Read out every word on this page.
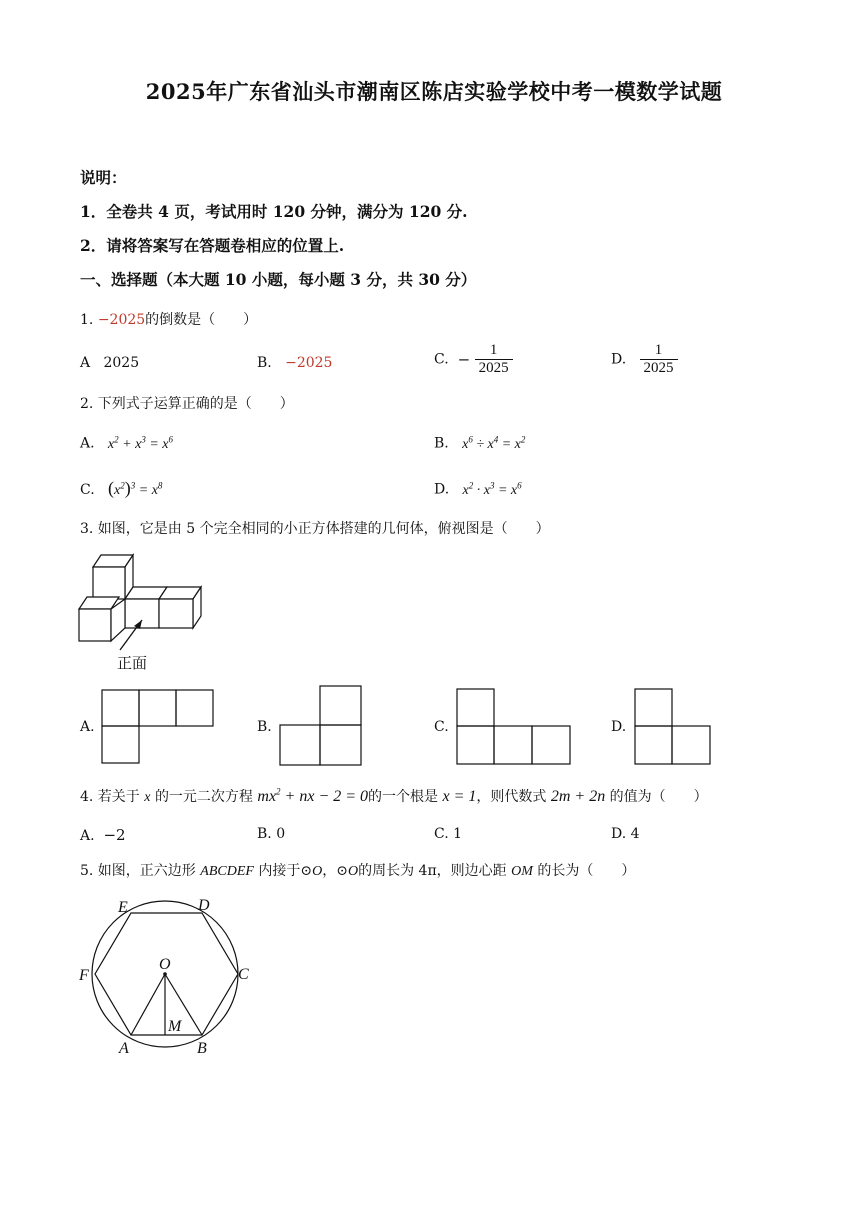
2025年广东省汕头市潮南区陈店实验学校中考一模数学试题
说明：
1．全卷共 4 页，考试用时 120 分钟，满分为 120 分.
2．请将答案写在答题卷相应的位置上.
一、选择题（本大题 10 小题，每小题 3 分，共 30 分）
1. −2025的倒数是（　　）
A 2025	B. −2025	C. − $\frac{1}{2025}$	D. $\frac{1}{2025}$
2. 下列式子运算正确的是（　　）
A. $x^2 + x^3 = x^6$	B. $x^6 \div x^4 = x^2$
C. $(x^2)^3 = x^8$	D. $x^2 \cdot x^3 = x^6$
3. 如图，它是由 5 个完全相同的小正方体搭建的几何体，俯视图是（　　）
正面
A.	B.	C.	D.
4. 若关于 x 的一元二次方程 $mx^2$ + nx − 2 = 0的一个根是 x = 1，则代数式 2m + 2n 的值为（　　）
A. −2	B. 0	C. 1	D. 4
5. 如图，正六边形 ABCDEF 内接于⊙O，⊙O的周长为 4π，则边心距 OM 的长为（　　）
A	B
C
D
E
F
O
M
